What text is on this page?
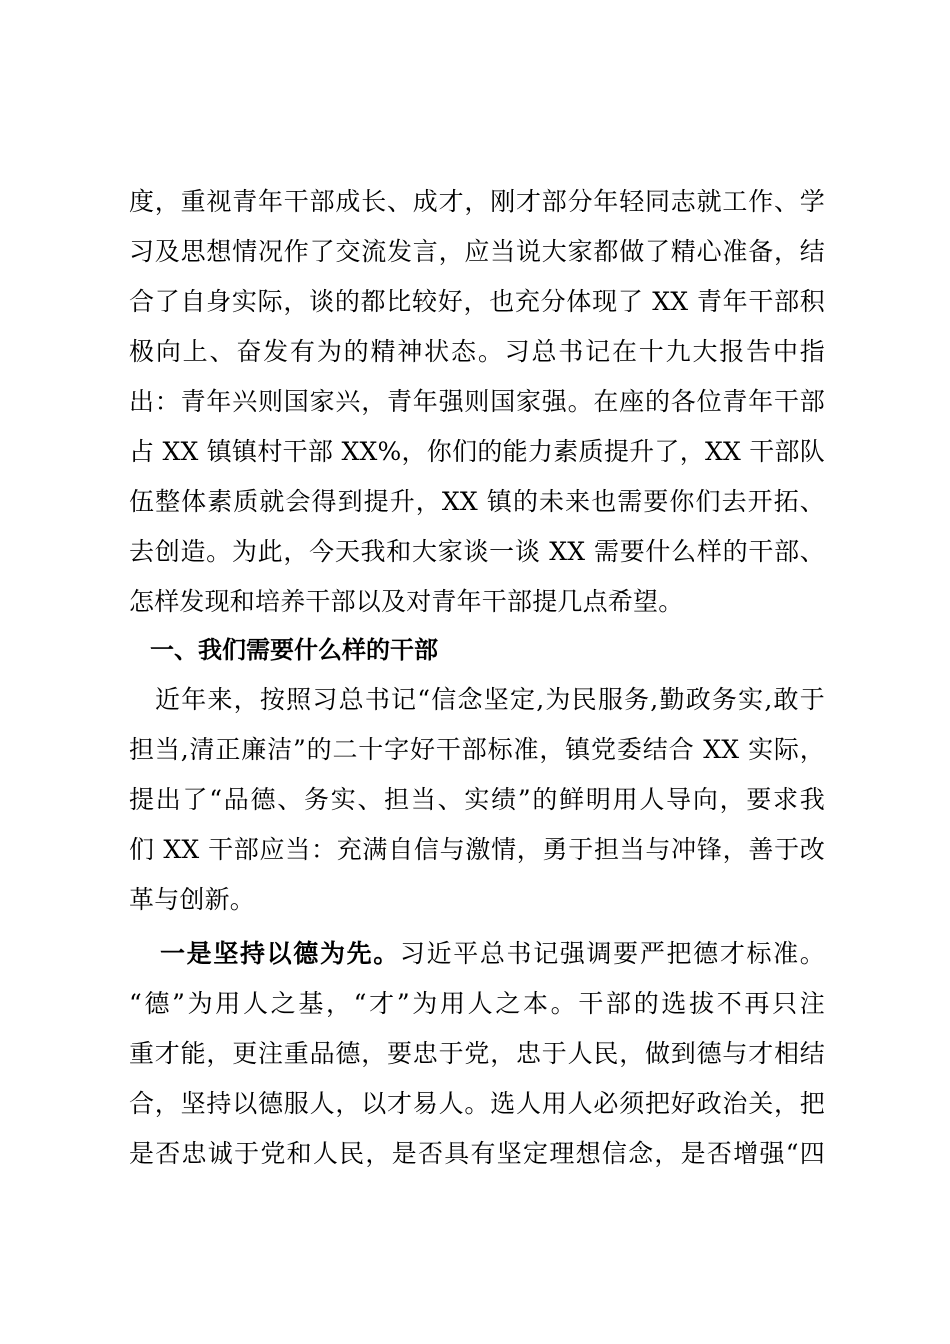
度，重视青年干部成长、成才，刚才部分年轻同志就工作、学
习及思想情况作了交流发言，应当说大家都做了精心准备，结
合了自身实际，谈的都比较好，也充分体现了 XX 青年干部积
极向上、奋发有为的精神状态。习总书记在十九大报告中指
出：青年兴则国家兴，青年强则国家强。在座的各位青年干部
占 XX 镇镇村干部 XX%，你们的能力素质提升了，XX 干部队
伍整体素质就会得到提升，XX 镇的未来也需要你们去开拓、
去创造。为此，今天我和大家谈一谈 XX 需要什么样的干部、
怎样发现和培养干部以及对青年干部提几点希望。
一、我们需要什么样的干部
近年来，按照习总书记“信念坚定,为民服务,勤政务实,敢于
担当,清正廉洁”的二十字好干部标准，镇党委结合 XX 实际，
提出了“品德、务实、担当、实绩”的鲜明用人导向，要求我
们 XX 干部应当：充满自信与激情，勇于担当与冲锋，善于改
革与创新。
一是坚持以德为先。习近平总书记强调要严把德才标准。
“德”为用人之基，“才”为用人之本。干部的选拔不再只注
重才能，更注重品德，要忠于党，忠于人民，做到德与才相结
合，坚持以德服人，以才易人。选人用人必须把好政治关，把
是否忠诚于党和人民，是否具有坚定理想信念，是否增强“四
